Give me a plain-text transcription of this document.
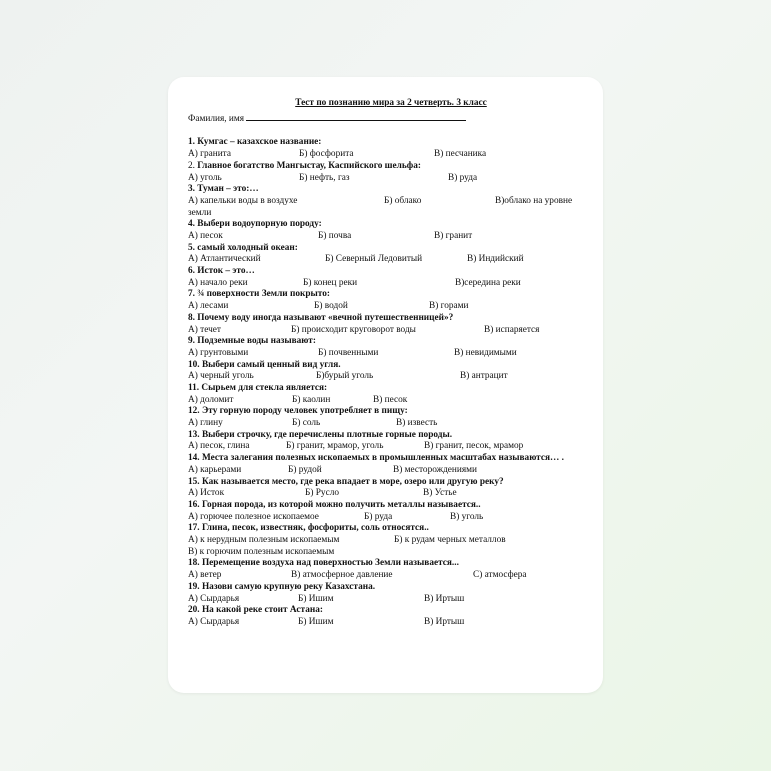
Тест по познанию мира за 2 четверть. 3 класс
Фамилия, имя
1. Кумгас – казахское название:
А) гранита	Б) фосфорита	В) песчаника
2. Главное богатство Мангыстау, Каспийского шельфа:
А) уголь	Б) нефть, газ	В) руда
3. Туман – это:…
А) капельки воды в воздухе	Б) облако	В)облако на уровне
земли
4. Выбери водоупорную породу:
А) песок	Б) почва	В) гранит
5. самый холодный океан:
А) Атлантический	Б) Северный Ледовитый	В) Индийский
6. Исток – это…
А) начало реки	Б) конец реки	В)середина реки
7. ¾ поверхности Земли покрыто:
А) лесами	Б) водой	В) горами
8. Почему воду иногда называют «вечной путешественницей»?
А) течет	Б) происходит круговорот воды	В) испаряется
9. Подземные воды называют:
А) грунтовыми	Б) почвенными	В) невидимыми
10. Выбери самый ценный вид угля.
А) черный уголь	Б)бурый уголь	В) антрацит
11. Сырьем для стекла является:
А) доломит	Б) каолин	В) песок
12. Эту горную породу человек употребляет в пищу:
А) глину	Б) соль	В) известь
13. Выбери строчку, где перечислены плотные горные породы.
А) песок, глина	Б) гранит, мрамор, уголь	В) гранит, песок, мрамор
14. Места залегания полезных ископаемых в промышленных масштабах называются… .
А) карьерами	Б) рудой	В) месторождениями
15. Как называется место, где река впадает в море, озеро или другую реку?
А) Исток	Б) Русло	В) Устье
16. Горная порода, из которой можно получить металлы называется..
А) горючее полезное ископаемое	Б) руда	В) уголь
17. Глина, песок, известняк, фосфориты, соль относятся..
А) к нерудным полезным ископаемым	Б) к рудам черных металлов
В) к горючим полезным ископаемым
18. Перемещение воздуха над поверхностью Земли называется...
А) ветер	В) атмосферное давление	С) атмосфера
19. Назови самую крупную реку Казахстана.
А) Сырдарья	Б) Ишим	В) Иртыш
20. На какой реке стоит Астана:
А) Сырдарья	Б) Ишим	В) Иртыш
